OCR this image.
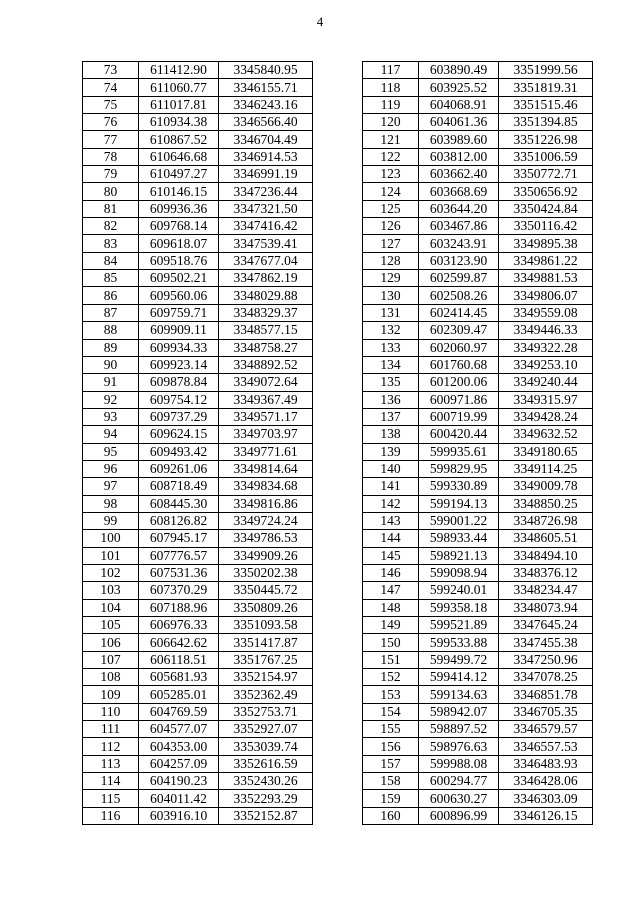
4
73	611412.90	3345840.95
74	611060.77	3346155.71
75	611017.81	3346243.16
76	610934.38	3346566.40
77	610867.52	3346704.49
78	610646.68	3346914.53
79	610497.27	3346991.19
80	610146.15	3347236.44
81	609936.36	3347321.50
82	609768.14	3347416.42
83	609618.07	3347539.41
84	609518.76	3347677.04
85	609502.21	3347862.19
86	609560.06	3348029.88
87	609759.71	3348329.37
88	609909.11	3348577.15
89	609934.33	3348758.27
90	609923.14	3348892.52
91	609878.84	3349072.64
92	609754.12	3349367.49
93	609737.29	3349571.17
94	609624.15	3349703.97
95	609493.42	3349771.61
96	609261.06	3349814.64
97	608718.49	3349834.68
98	608445.30	3349816.86
99	608126.82	3349724.24
100	607945.17	3349786.53
101	607776.57	3349909.26
102	607531.36	3350202.38
103	607370.29	3350445.72
104	607188.96	3350809.26
105	606976.33	3351093.58
106	606642.62	3351417.87
107	606118.51	3351767.25
108	605681.93	3352154.97
109	605285.01	3352362.49
110	604769.59	3352753.71
111	604577.07	3352927.07
112	604353.00	3353039.74
113	604257.09	3352616.59
114	604190.23	3352430.26
115	604011.42	3352293.29
116	603916.10	3352152.87
117	603890.49	3351999.56
118	603925.52	3351819.31
119	604068.91	3351515.46
120	604061.36	3351394.85
121	603989.60	3351226.98
122	603812.00	3351006.59
123	603662.40	3350772.71
124	603668.69	3350656.92
125	603644.20	3350424.84
126	603467.86	3350116.42
127	603243.91	3349895.38
128	603123.90	3349861.22
129	602599.87	3349881.53
130	602508.26	3349806.07
131	602414.45	3349559.08
132	602309.47	3349446.33
133	602060.97	3349322.28
134	601760.68	3349253.10
135	601200.06	3349240.44
136	600971.86	3349315.97
137	600719.99	3349428.24
138	600420.44	3349632.52
139	599935.61	3349180.65
140	599829.95	3349114.25
141	599330.89	3349009.78
142	599194.13	3348850.25
143	599001.22	3348726.98
144	598933.44	3348605.51
145	598921.13	3348494.10
146	599098.94	3348376.12
147	599240.01	3348234.47
148	599358.18	3348073.94
149	599521.89	3347645.24
150	599533.88	3347455.38
151	599499.72	3347250.96
152	599414.12	3347078.25
153	599134.63	3346851.78
154	598942.07	3346705.35
155	598897.52	3346579.57
156	598976.63	3346557.53
157	599988.08	3346483.93
158	600294.77	3346428.06
159	600630.27	3346303.09
160	600896.99	3346126.15
